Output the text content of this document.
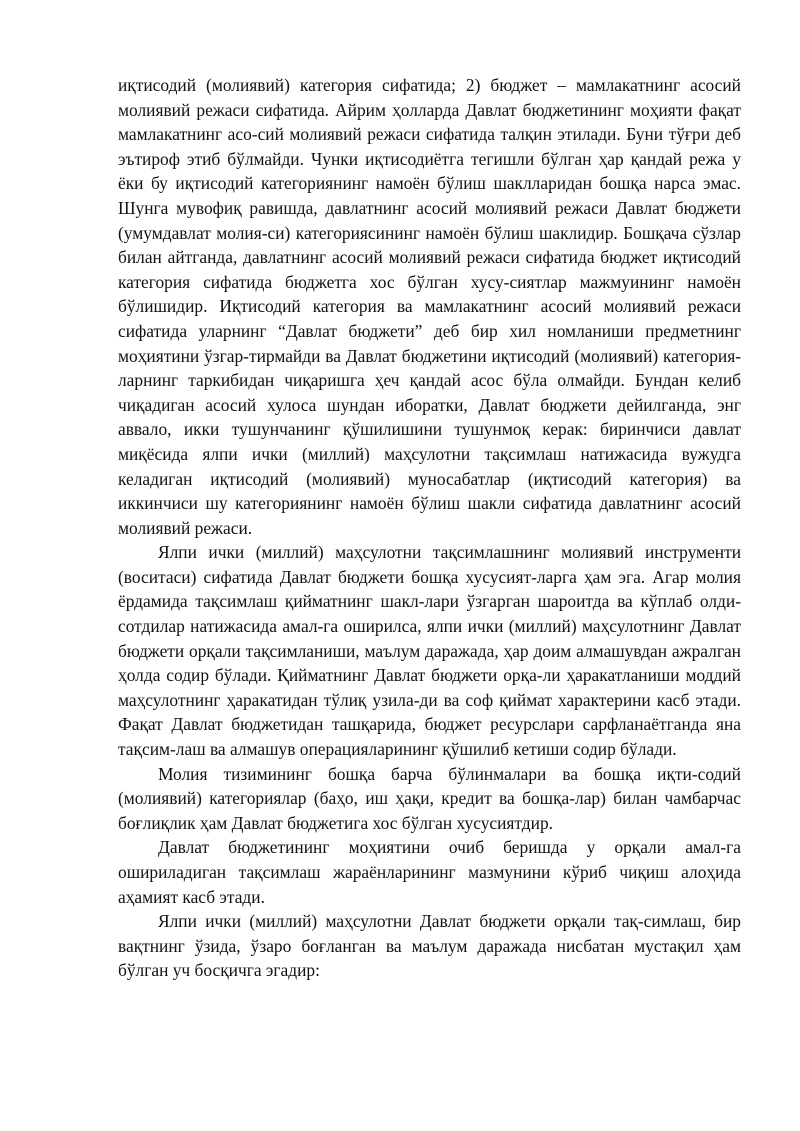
иқтисодий (молиявий) категория сифатида; 2) бюджет – мамлакатнинг асосий молиявий режаси сифатида. Айрим ҳолларда Давлат бюджетининг моҳияти фақат мамлакатнинг асо-сий молиявий режаси сифатида талқин этилади. Буни тўғри деб эътироф этиб бўлмайди. Чунки иқтисодиётга тегишли бўлган ҳар қандай режа у ёки бу иқтисодий категориянинг намоён бўлиш шаклларидан бошқа нарса эмас. Шунга мувофиқ равишда, давлатнинг асосий молиявий режаси Давлат бюджети (умумдавлат молия-си) категориясининг намоён бўлиш шаклидир. Бошқача сўзлар билан айтганда, давлатнинг асосий молиявий режаси сифатида бюджет иқтисодий категория сифатида бюджетга хос бўлган хусу-сиятлар мажмуининг намоён бўлишидир. Иқтисодий категория ва мамлакатнинг асосий молиявий режаси сифатида уларнинг “Давлат бюджети” деб бир хил номланиши предметнинг моҳиятини ўзгар-тирмайди ва Давлат бюджетини иқтисодий (молиявий) категория-ларнинг таркибидан чиқаришга ҳеч қандай асос бўла олмайди. Бундан келиб чиқадиган асосий хулоса шундан иборатки, Давлат бюджети дейилганда, энг аввало, икки тушунчанинг қўшилишини тушунмоқ керак: биринчиси давлат миқёсида ялпи ички (миллий) маҳсулотни тақсимлаш натижасида вужудга келадиган иқтисодий (молиявий) муносабатлар (иқтисодий категория) ва иккинчиси шу категориянинг намоён бўлиш шакли сифатида давлатнинг асосий молиявий режаси.

Ялпи ички (миллий) маҳсулотни тақсимлашнинг молиявий инструменти (воситаси) сифатида Давлат бюджети бошқа хусусият-ларга ҳам эга. Агар молия ёрдамида тақсимлаш қийматнинг шакл-лари ўзгарган шароитда ва кўплаб олди-сотдилар натижасида амал-га оширилса, ялпи ички (миллий) маҳсулотнинг Давлат бюджети орқали тақсимланиши, маълум даражада, ҳар доим алмашувдан ажралган ҳолда содир бўлади. Қийматнинг Давлат бюджети орқа-ли ҳаракатланиши моддий маҳсулотнинг ҳаракатидан тўлиқ узила-ди ва соф қиймат характерини касб этади. Фақат Давлат бюджетидан ташқарида, бюджет ресурслари сарфланаётганда яна тақсим-лаш ва алмашув операцияларининг қўшилиб кетиши содир бўлади.

Молия тизимининг бошқа барча бўлинмалари ва бошқа иқти-содий (молиявий) категориялар (баҳо, иш ҳақи, кредит ва бошқа-лар) билан чамбарчас боғлиқлик ҳам Давлат бюджетига хос бўлган хусусиятдир.

Давлат бюджетининг моҳиятини очиб беришда у орқали амал-га ошириладиган тақсимлаш жараёнларининг мазмунини кўриб чиқиш алоҳида аҳамият касб этади.

Ялпи ички (миллий) маҳсулотни Давлат бюджети орқали тақ-симлаш, бир вақтнинг ўзида, ўзаро боғланган ва маълум даражада нисбатан мустақил ҳам бўлган уч босқичга эгадир:
